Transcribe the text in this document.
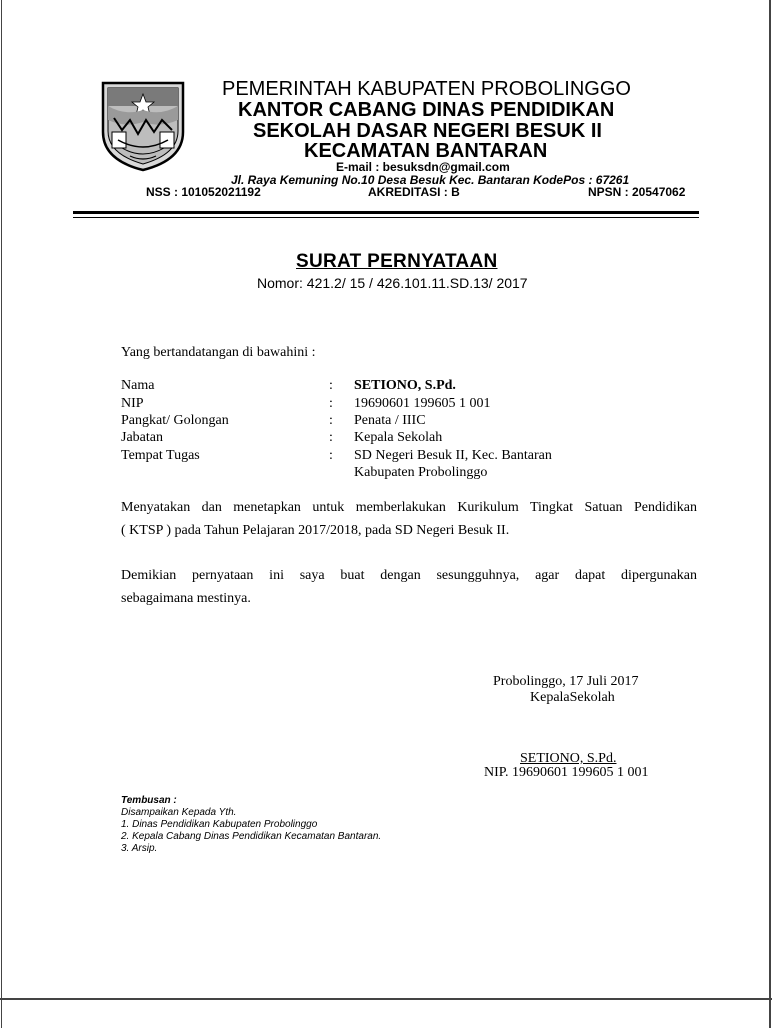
PEMERINTAH KABUPATEN PROBOLINGGO
KANTOR CABANG DINAS PENDIDIKAN
SEKOLAH DASAR NEGERI BESUK II
KECAMATAN BANTARAN
E-mail : besuksdn@gmail.com
Jl. Raya Kemuning No.10 Desa Besuk Kec. Bantaran KodePos : 67261
NSS : 101052021192	AKREDITASI : B	NPSN : 20547062
SURAT PERNYATAAN
Nomor: 421.2/ 15 / 426.101.11.SD.13/ 2017
Yang bertandatangan di bawahini :
Nama	: SETIONO, S.Pd.
NIP	: 19690601 199605 1 001
Pangkat/ Golongan	: Penata / IIIC
Jabatan	: Kepala Sekolah
Tempat Tugas	: SD Negeri Besuk II, Kec. Bantaran
Kabupaten Probolinggo
Menyatakan dan menetapkan untuk memberlakukan Kurikulum Tingkat Satuan Pendidikan
( KTSP ) pada Tahun Pelajaran 2017/2018, pada SD Negeri Besuk II.
Demikian pernyataan ini saya buat dengan sesungguhnya, agar dapat dipergunakan
sebagaimana mestinya.
Probolinggo, 17 Juli 2017
KepalaSekolah
SETIONO, S.Pd.
NIP. 19690601 199605 1 001
Tembusan :
Disampaikan Kepada Yth.
1. Dinas Pendidikan Kabupaten Probolinggo
2. Kepala Cabang Dinas Pendidikan Kecamatan Bantaran.
3. Arsip.
